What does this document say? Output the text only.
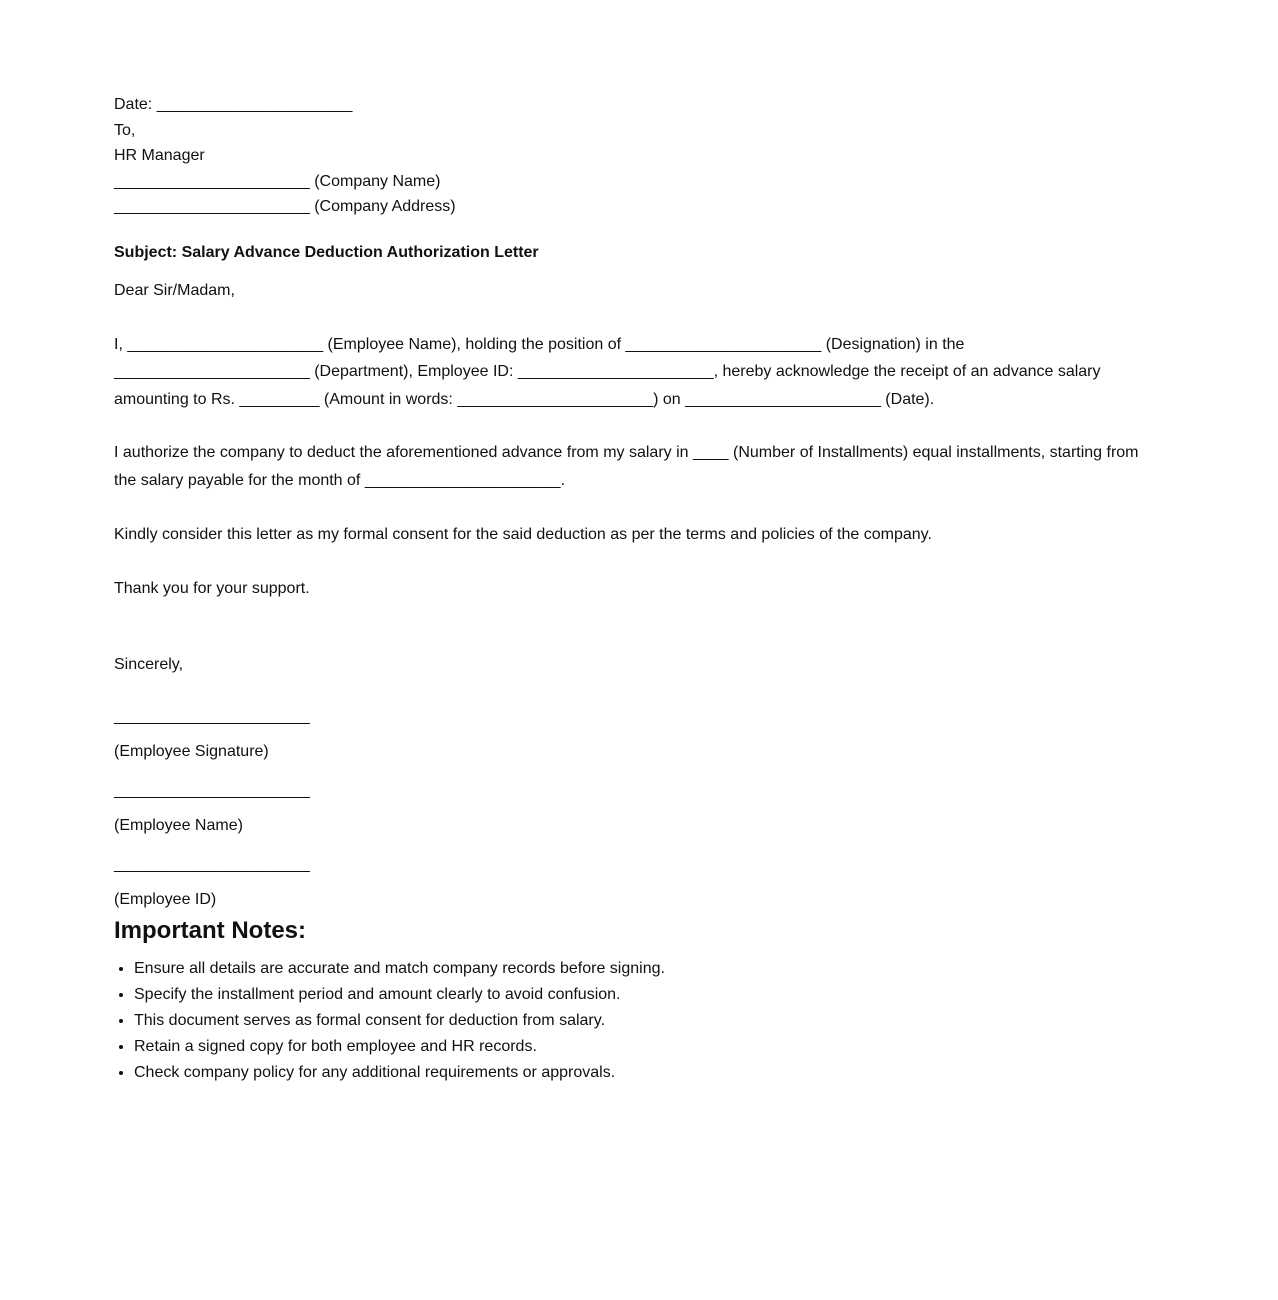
Date: ______________________
To,
HR Manager
______________________ (Company Name)
______________________ (Company Address)
Subject: Salary Advance Deduction Authorization Letter
Dear Sir/Madam,

I, ______________________ (Employee Name), holding the position of ______________________ (Designation) in the ______________________ (Department), Employee ID: ______________________, hereby acknowledge the receipt of an advance salary amounting to Rs. _________ (Amount in words: ______________________) on ______________________ (Date).

I authorize the company to deduct the aforementioned advance from my salary in ____ (Number of Installments) equal installments, starting from the salary payable for the month of ______________________.

Kindly consider this letter as my formal consent for the said deduction as per the terms and policies of the company.

Thank you for your support.

Sincerely,
______________________
(Employee Signature)
______________________
(Employee Name)
______________________
(Employee ID)
Important Notes:
• Ensure all details are accurate and match company records before signing.
• Specify the installment period and amount clearly to avoid confusion.
• This document serves as formal consent for deduction from salary.
• Retain a signed copy for both employee and HR records.
• Check company policy for any additional requirements or approvals.
